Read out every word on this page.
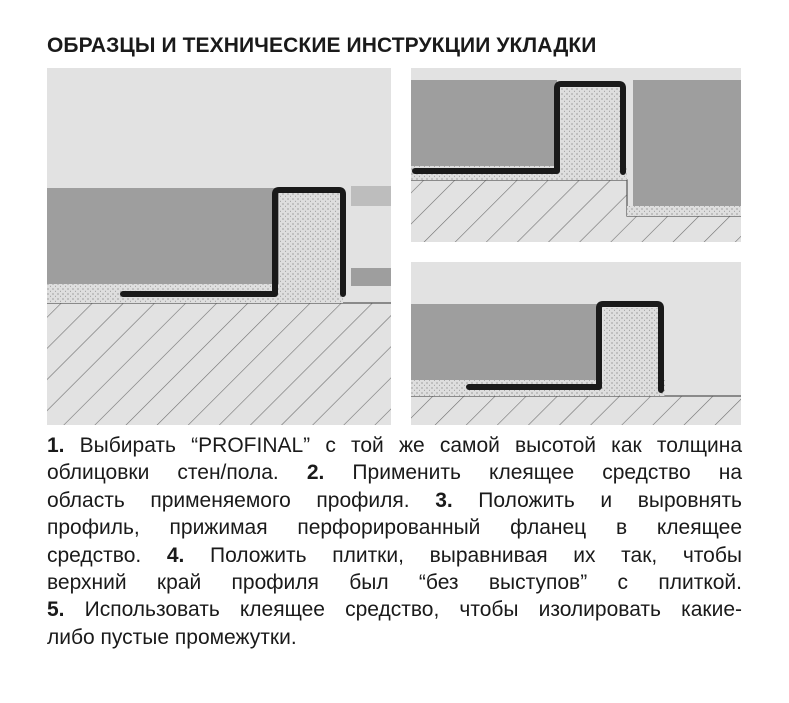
ОБРАЗЦЫ И ТЕХНИЧЕСКИЕ ИНСТРУКЦИИ УКЛАДКИ
1. Выбирать “PROFINAL” с той же самой высотой как толщина
облицовки стен/пола. 2. Применить клеящее средство на
область применяемого профиля. 3. Положить и выровнять
профиль, прижимая перфорированный фланец в клеящее
средство. 4. Положить плитки, выравнивая их так, чтобы
верхний край профиля был “без выступов” с плиткой.
5. Использовать клеящее средство, чтобы изолировать какие-
либо пустые промежутки.
